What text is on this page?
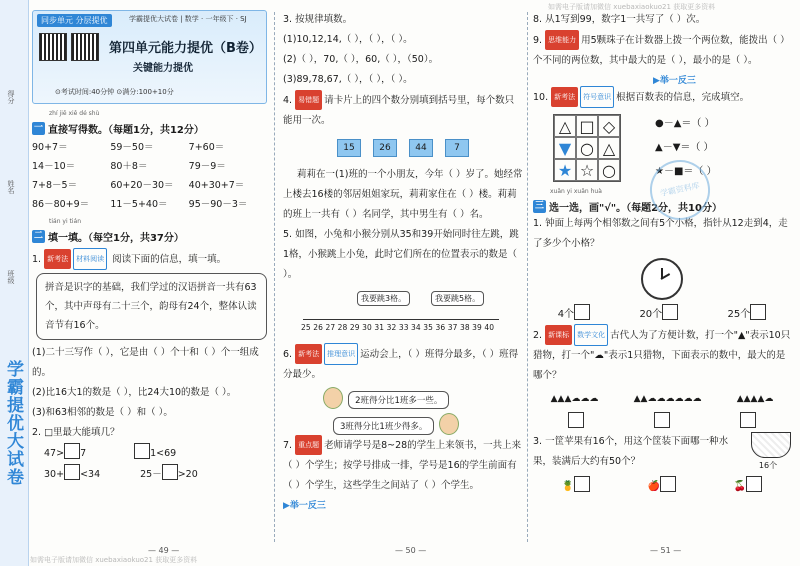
得分
姓名
班级
学霸提优大试卷
如需电子版请加微信 xuebaxiaokuo21 获取更多资料
如需电子版请加微信 xuebaxiaokuo21 获取更多资料
同步单元 分层提优	学霸提优大试卷 | 数学 · 一年级下 · SJ
第四单元能力提优（B卷）
关键能力提优
⊙考试时间:40分钟 ⊙满分:100+10分
zhí jiē xiě dé shù
一 直接写得数。（每题1分，共12分）
90+7＝	59－50＝	7+60＝
14－10＝	80＋8＝	79－9＝
7+8－5＝	60+20－30＝	40+30+7＝
86－80+9＝	11－5+40＝	95－90－3＝
tián yi tián
二 填一填。（每空1分，共37分）
1. 新考法 材料阅读 阅读下面的信息，填一填。
拼音是识字的基础，我们学过的汉语拼音一共有63个，其中声母有二十三个，韵母有24个，整体认读音节有16个。
(1)二十三写作（ ），它是由（ ）个十和（ ）个一组成的。
(2)比16大1的数是（ ），比24大10的数是（ ）。
(3)和63相邻的数是（ ）和（ ）。
2. □里最大能填几？
47> 7	1<69
30+ <34	25－ >20
3. 按规律填数。
(1)10,12,14,（ ），（ ），（ ）。
(2)（ ），70,（ ），60,（ ），（50）。
(3)89,78,67,（ ），（ ），（ ）。
4. 易错题 请卡片上的四个数分别填到括号里，每个数只能用一次。
15	26	44	7
莉莉在一(1)班的一个小朋友，今年（ ）岁了。她经常上楼去16楼的邻居姐姐家玩，莉莉家住在（ ）楼。莉莉的班上一共有（ ）名同学，其中男生有（ ）名。
5. 如图，小兔和小猴分别从35和39开始同时往左跳，跳1格，小猴跳上小兔，此时它们所在的位置表示的数是（ ）。
我要跳3格。	我要跳5格。
25 26 27 28 29 30 31 32 33 34 35 36 37 38 39 40
6. 新考法 推理意识 运动会上，（ ）班得分最多，（ ）班得分最少。
2班得分比1班多一些。
3班得分比1班少得多。
7. 重点题 老师请学号是8~28的学生上来领书，一共上来（ ）个学生；按学号排成一排，学号是16的学生前面有（ ）个学生，这些学生之间站了（ ）个学生。
▶举一反三
8. 从1写到99，数字1一共写了（ ）次。
9. 思维能力 用5颗珠子在计数器上拨一个两位数，能拨出（ ）个不同的两位数，其中最大的是（ ），最小的是（ ）。
▶举一反三
10. 新考法 符号意识 根据百数表的信息，完成填空。
△ □ ◇
▼ ○ △
★ ☆ ○
●－▲＝（ ）
▲－▼＝（ ）
★－■＝（ ）
xuǎn yi xuǎn huà
三 选一选，画"√"。（每题2分，共10分）
1. 钟面上每两个相邻数之间有5个小格，指针从12走到4，走了多少个小格？
4个	20个	25个
2. 新课标 数学文化 古代人为了方便计数，打一个"▲"表示10只猎物，打一个"☁"表示1只猎物，下面表示的数中，最大的是哪个？
▲▲▲☁☁☁	▲▲☁☁☁☁☁☁	▲▲▲▲☁
3. 一筐苹果有16个，用这个筐装下面哪一种水果，装满后大约有50个？	16个
🍍	🍎	🍒
学霸资料库
— 49 —	— 50 —	— 51 —
